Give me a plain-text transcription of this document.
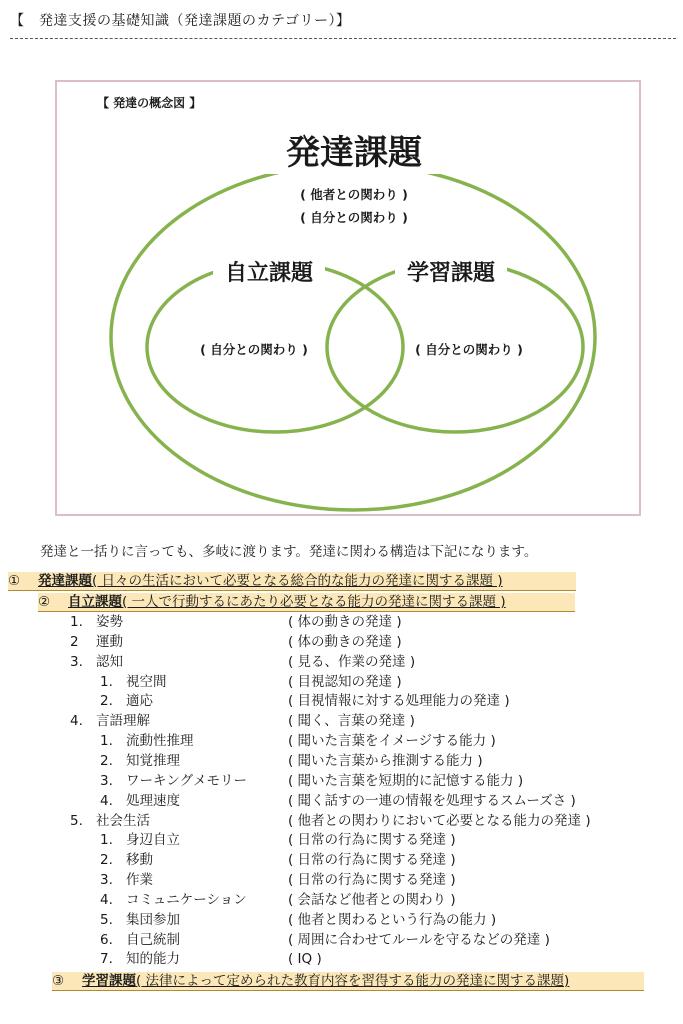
【　発達支援の基礎知識（発達課題のカテゴリー）】
【 発達の概念図 】
発達課題
( 他者との関わり )
( 自分との関わり )
自立課題	学習課題
( 自分との関わり )	( 自分との関わり )
発達と一括りに言っても、多岐に渡ります。発達に関わる構造は下記になります。
① 発達課題( 日々の生活において必要となる総合的な能力の発達に関する課題 )
② 自立課題( 一人で行動するにあたり必要となる能力の発達に関する課題 )
1. 姿勢	( 体の動きの発達 )
2 運動	( 体の動きの発達 )
3. 認知	( 見る、作業の発達 )
1. 視空間	( 目視認知の発達 )
2. 適応	( 目視情報に対する処理能力の発達 )
4. 言語理解	( 聞く、言葉の発達 )
1. 流動性推理	( 聞いた言葉をイメージする能力 )
2. 知覚推理	( 聞いた言葉から推測する能力 )
3. ワーキングメモリー	( 聞いた言葉を短期的に記憶する能力 )
4. 処理速度	( 聞く話すの一連の情報を処理するスムーズさ )
5. 社会生活	( 他者との関わりにおいて必要となる能力の発達 )
1. 身辺自立	( 日常の行為に関する発達 )
2. 移動	( 日常の行為に関する発達 )
3. 作業	( 日常の行為に関する発達 )
4. コミュニケーション	( 会話など他者との関わり )
5. 集団参加	( 他者と関わるという行為の能力 )
6. 自己統制	( 周囲に合わせてルールを守るなどの発達 )
7. 知的能力	( IQ )
③ 学習課題( 法律によって定められた教育内容を習得する能力の発達に関する課題)
